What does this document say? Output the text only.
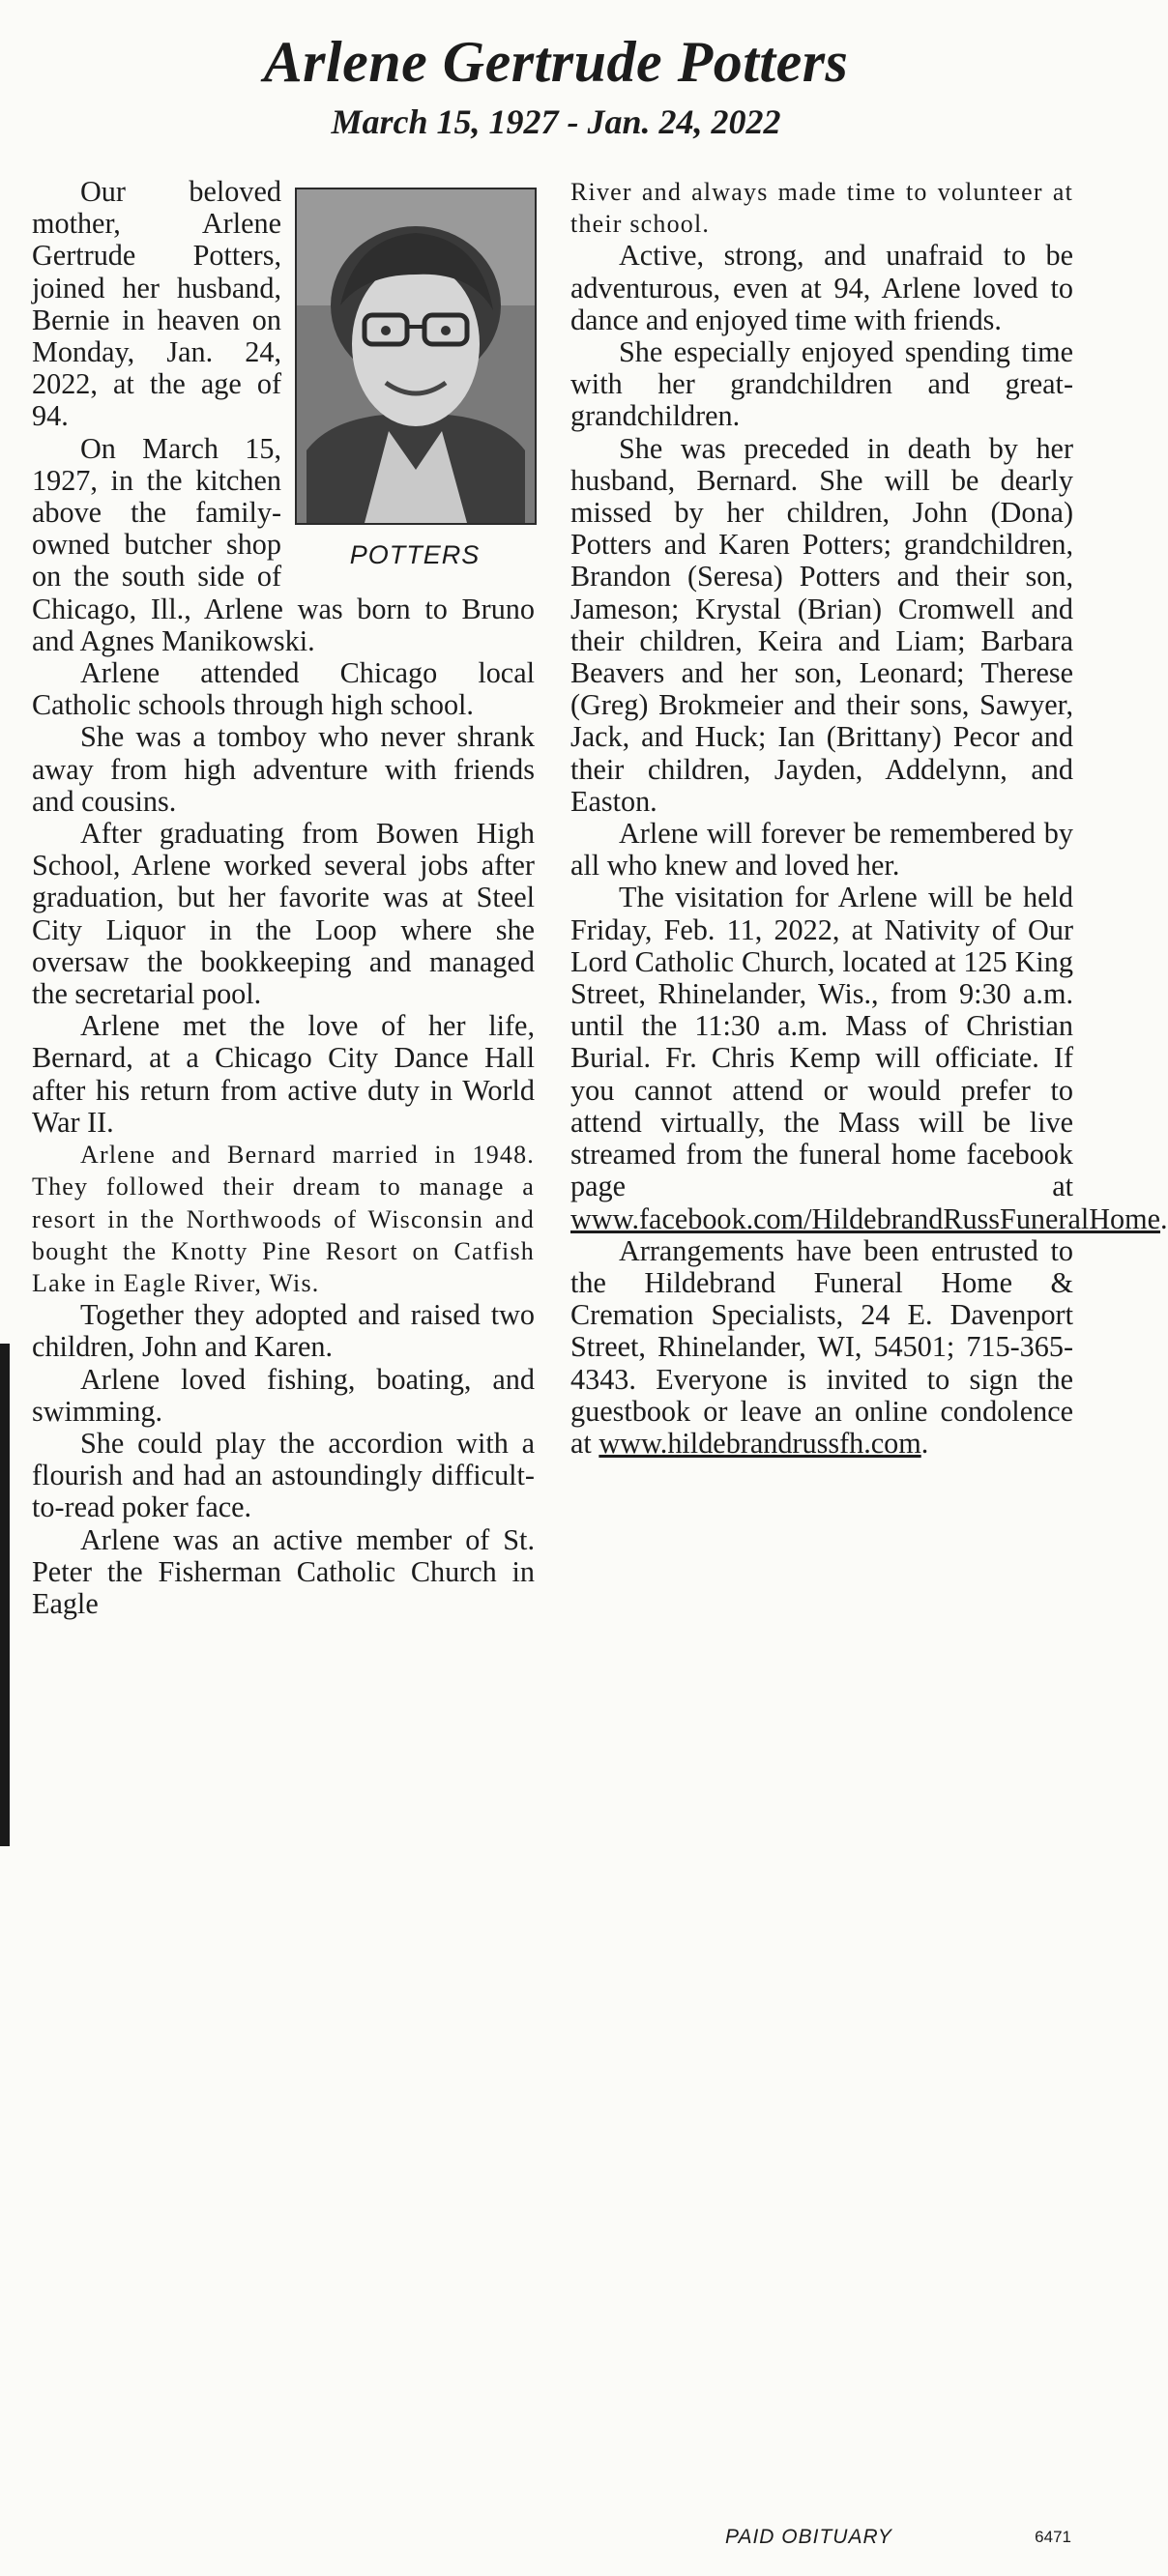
Arlene Gertrude Potters
March 15, 1927 - Jan. 24, 2022
POTTERS

Our beloved mother, Arlene Gertrude Potters, joined her husband, Bernie in heaven on Monday, Jan. 24, 2022, at the age of 94.

On March 15, 1927, in the kitchen above the family-owned butcher shop on the south side of Chicago, Ill., Arlene was born to Bruno and Agnes Manikowski.

Arlene attended Chicago local Catholic schools through high school.

She was a tomboy who never shrank away from high adventure with friends and cousins.

After graduating from Bowen High School, Arlene worked several jobs after graduation, but her favorite was at Steel City Liquor in the Loop where she oversaw the bookkeeping and managed the secretarial pool.

Arlene met the love of her life, Bernard, at a Chicago City Dance Hall after his return from active duty in World War II.

Arlene and Bernard married in 1948. They followed their dream to manage a resort in the Northwoods of Wisconsin and bought the Knotty Pine Resort on Catfish Lake in Eagle River, Wis.

Together they adopted and raised two children, John and Karen.

Arlene loved fishing, boating, and swimming.

She could play the accordion with a flourish and had an astoundingly difficult-to-read poker face.

Arlene was an active member of St. Peter the Fisherman Catholic Church in Eagle

River and always made time to volunteer at their school.

Active, strong, and unafraid to be adventurous, even at 94, Arlene loved to dance and enjoyed time with friends.

She especially enjoyed spending time with her grandchildren and great-grandchildren.

She was preceded in death by her husband, Bernard. She will be dearly missed by her children, John (Dona) Potters and Karen Potters; grandchildren, Brandon (Seresa) Potters and their son, Jameson; Krystal (Brian) Cromwell and their children, Keira and Liam; Barbara Beavers and her son, Leonard; Therese (Greg) Brokmeier and their sons, Sawyer, Jack, and Huck; Ian (Brittany) Pecor and their children, Jayden, Addelynn, and Easton.

Arlene will forever be remembered by all who knew and loved her.

The visitation for Arlene will be held Friday, Feb. 11, 2022, at Nativity of Our Lord Catholic Church, located at 125 King Street, Rhinelander, Wis., from 9:30 a.m. until the 11:30 a.m. Mass of Christian Burial. Fr. Chris Kemp will officiate. If you cannot attend or would prefer to attend virtually, the Mass will be live streamed from the funeral home facebook page at www.facebook.com/HildebrandRussFuneralHome.

Arrangements have been entrusted to the Hildebrand Funeral Home & Cremation Specialists, 24 E. Davenport Street, Rhinelander, WI, 54501; 715-365-4343. Everyone is invited to sign the guestbook or leave an online condolence at www.hildebrandrussfh.com.

PAID OBITUARY	6471
